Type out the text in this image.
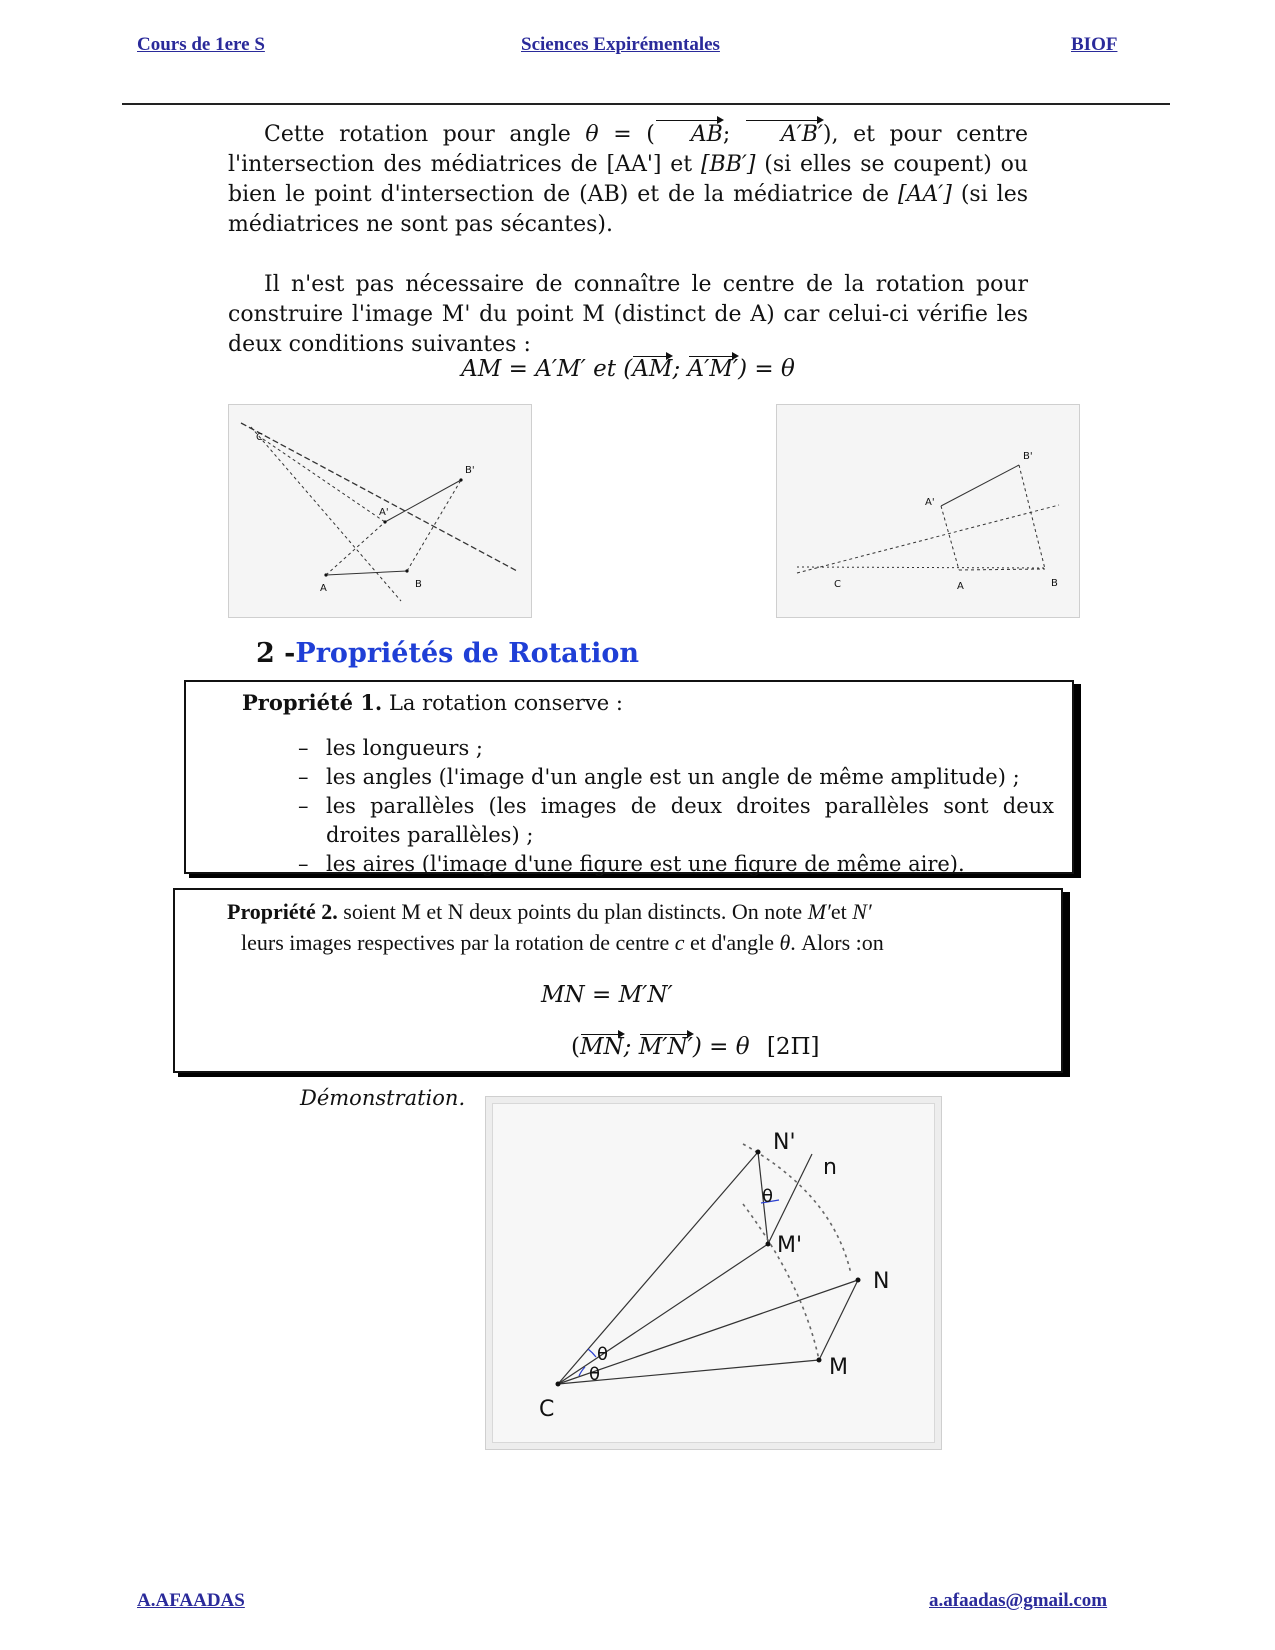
Cours de 1ere S	Sciences Expirémentales	BIOF

Cette rotation pour angle θ = ( AB; A′B′), et pour centre l'intersection des médiatrices de [AA'] et [BB′] (si elles se coupent) ou bien le point d'intersection de (AB) et de la médiatrice de [AA′] (si les médiatrices ne sont pas sécantes).

Il n'est pas nécessaire de connaître le centre de la rotation pour construire l'image M' du point M (distinct de A) car celui-ci vérifie les deux conditions suivantes :

AM = A′M′ et (AM; A′M′) = θ
C
B'
A'
A	B
B'
A'
C	A	B
2 -Propriétés de Rotation
Propriété 1. La rotation conserve :
– les longueurs ;
– les angles (l'image d'un angle est un angle de même amplitude) ;
– les parallèles (les images de deux droites parallèles sont deux droites parallèles) ;
– les aires (l'image d'une figure est une figure de même aire).
Propriété 2. soient M et N deux points du plan distincts. On note M′et N′
leurs images respectives par la rotation de centre c et d'angle θ. Alors :on
MN = M′N′
(MN; M′N′) = θ [2Π]
Démonstration.
N'
n
θ
M'
N
M
θ
θ
C
A.AFAADAS	a.afaadas@gmail.com
